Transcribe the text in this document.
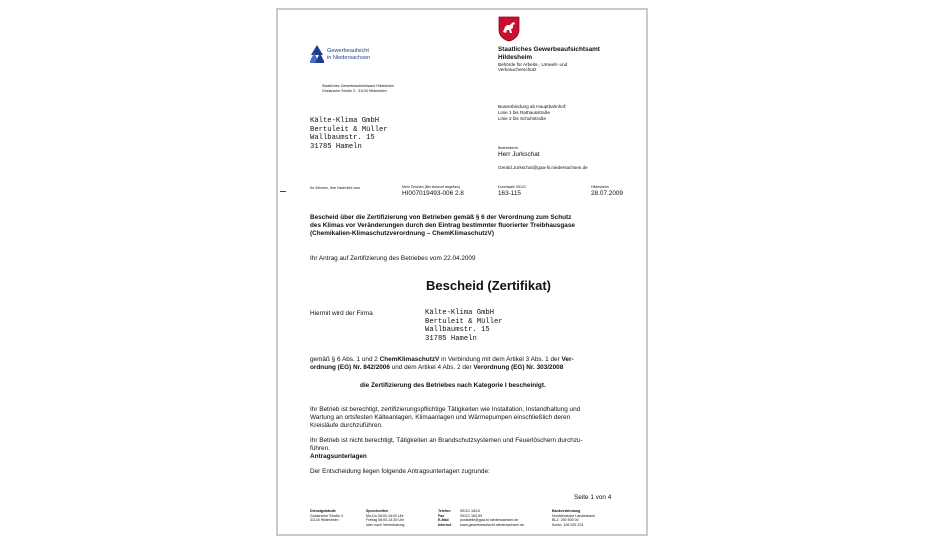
Gewerbeaufsicht
in Niedersachsen
Staatliches Gewerbeaufsichtsamt Hildesheim
Goslarsche Straße 3 · 31134 Hildesheim
Kälte-Klima GmbH
Bertuleit & Müller
Wallbaumstr. 15
31785 Hameln
Staatliches Gewerbeaufsichtsamt
Hildesheim
Behörde für Arbeits-, Umwelt- und
Verbraucherschutz
Busverbindung ab Hauptbahnhof:
Linie 1 bis Rathausstraße
Linie 2 bis Schuhstraße
Bearbeiter/in
Herr Jurkschat
Gerald.Jurkschat@gaa-hi.niedersachsen.de
Ihr Zeichen, Ihre Nachricht vom	Mein Zeichen (Bei Antwort angeben)
HI007019493-006 2.8
Durchwahl 05121
163-115
Hildesheim
28.07.2009
Bescheid über die Zertifizierung von Betrieben gemäß § 6 der Verordnung zum Schutz
des Klimas vor Veränderungen durch den Eintrag bestimmter fluorierter Treibhausgase
(Chemikalien-Klimaschutzverordnung – ChemKlimaschutzV)
Ihr Antrag auf Zertifizierung des Betriebes vom 22.04.2009
Bescheid (Zertifikat)
Hiermit wird der Firma	Kälte-Klima GmbH
Bertuleit & Müller
Wallbaumstr. 15
31785 Hameln
gemäß § 6 Abs. 1 und 2 ChemKlimaschutzV in Verbindung mit dem Artikel 3 Abs. 1 der Ver-
ordnung (EG) Nr. 842/2006 und dem Artikel 4 Abs. 2 der Verordnung (EG) Nr. 303/2008
die Zertifizierung des Betriebes nach Kategorie I bescheinigt.
Ihr Betrieb ist berechtigt, zertifizierungspflichtige Tätigkeiten wie Installation, Instandhaltung und
Wartung an ortsfesten Kälteanlagen, Klimaanlagen und Wärmepumpen einschließlich deren
Kreisläufe durchzuführen.
Ihr Betrieb ist nicht berechtigt, Tätigkeiten an Brandschutzsystemen und Feuerlöschern durchzu-
führen.
Antragsunterlagen
Der Entscheidung liegen folgende Antragsunterlagen zugrunde:
Seite 1 von 4
Dienstgebäude
Goslarsche Straße 3
31134 Hildesheim
Sprechzeiten
Mo-Do 08:00-16:00 Uhr
Freitag 08:00-14:30 Uhr
oder nach Vereinbarung
Telefon
Fax
E-Mail
Internet
05121 163-0
05121 163-99
poststelle@gaa-hi.niedersachsen.de
www.gewerbeaufsicht.niedersachsen.de
Bankverbindung
Norddeutsche Landesbank
BLZ: 250 500 00
Konto: 106 025 224
